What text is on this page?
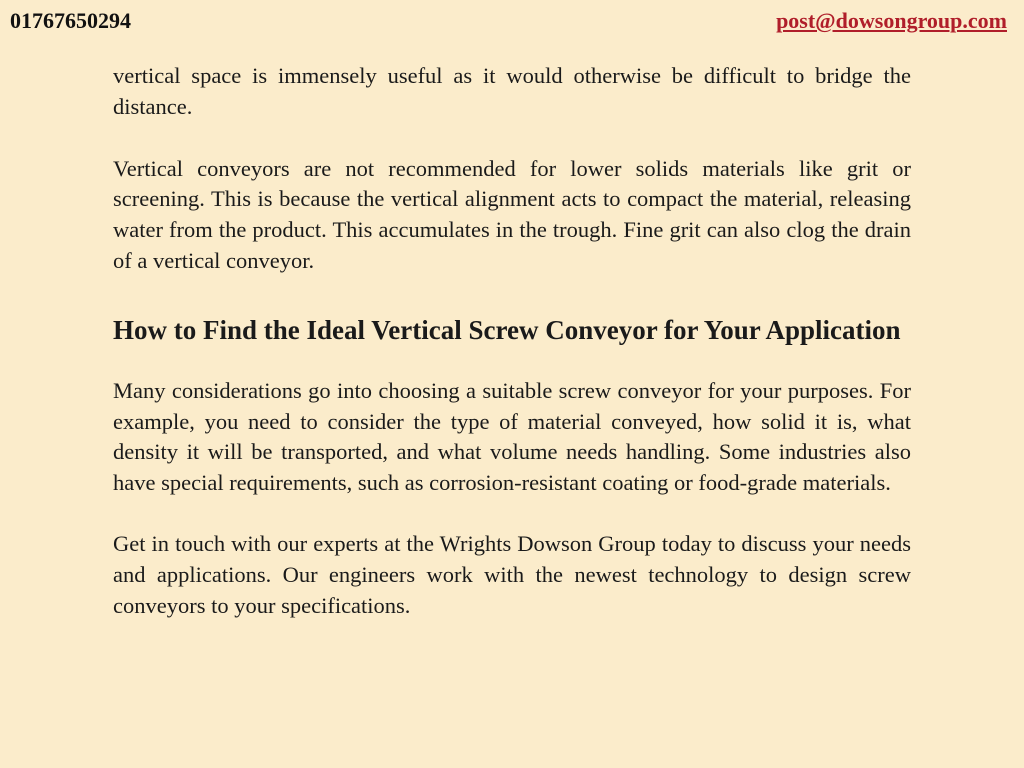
01767650294	post@dowsongroup.com

vertical space is immensely useful as it would otherwise be difficult to bridge the distance.

Vertical conveyors are not recommended for lower solids materials like grit or screening. This is because the vertical alignment acts to compact the material, releasing water from the product. This accumulates in the trough. Fine grit can also clog the drain of a vertical conveyor.

How to Find the Ideal Vertical Screw Conveyor for Your Application

Many considerations go into choosing a suitable screw conveyor for your purposes. For example, you need to consider the type of material conveyed, how solid it is, what density it will be transported, and what volume needs handling. Some industries also have special requirements, such as corrosion-resistant coating or food-grade materials.

Get in touch with our experts at the Wrights Dowson Group today to discuss your needs and applications. Our engineers work with the newest technology to design screw conveyors to your specifications.
